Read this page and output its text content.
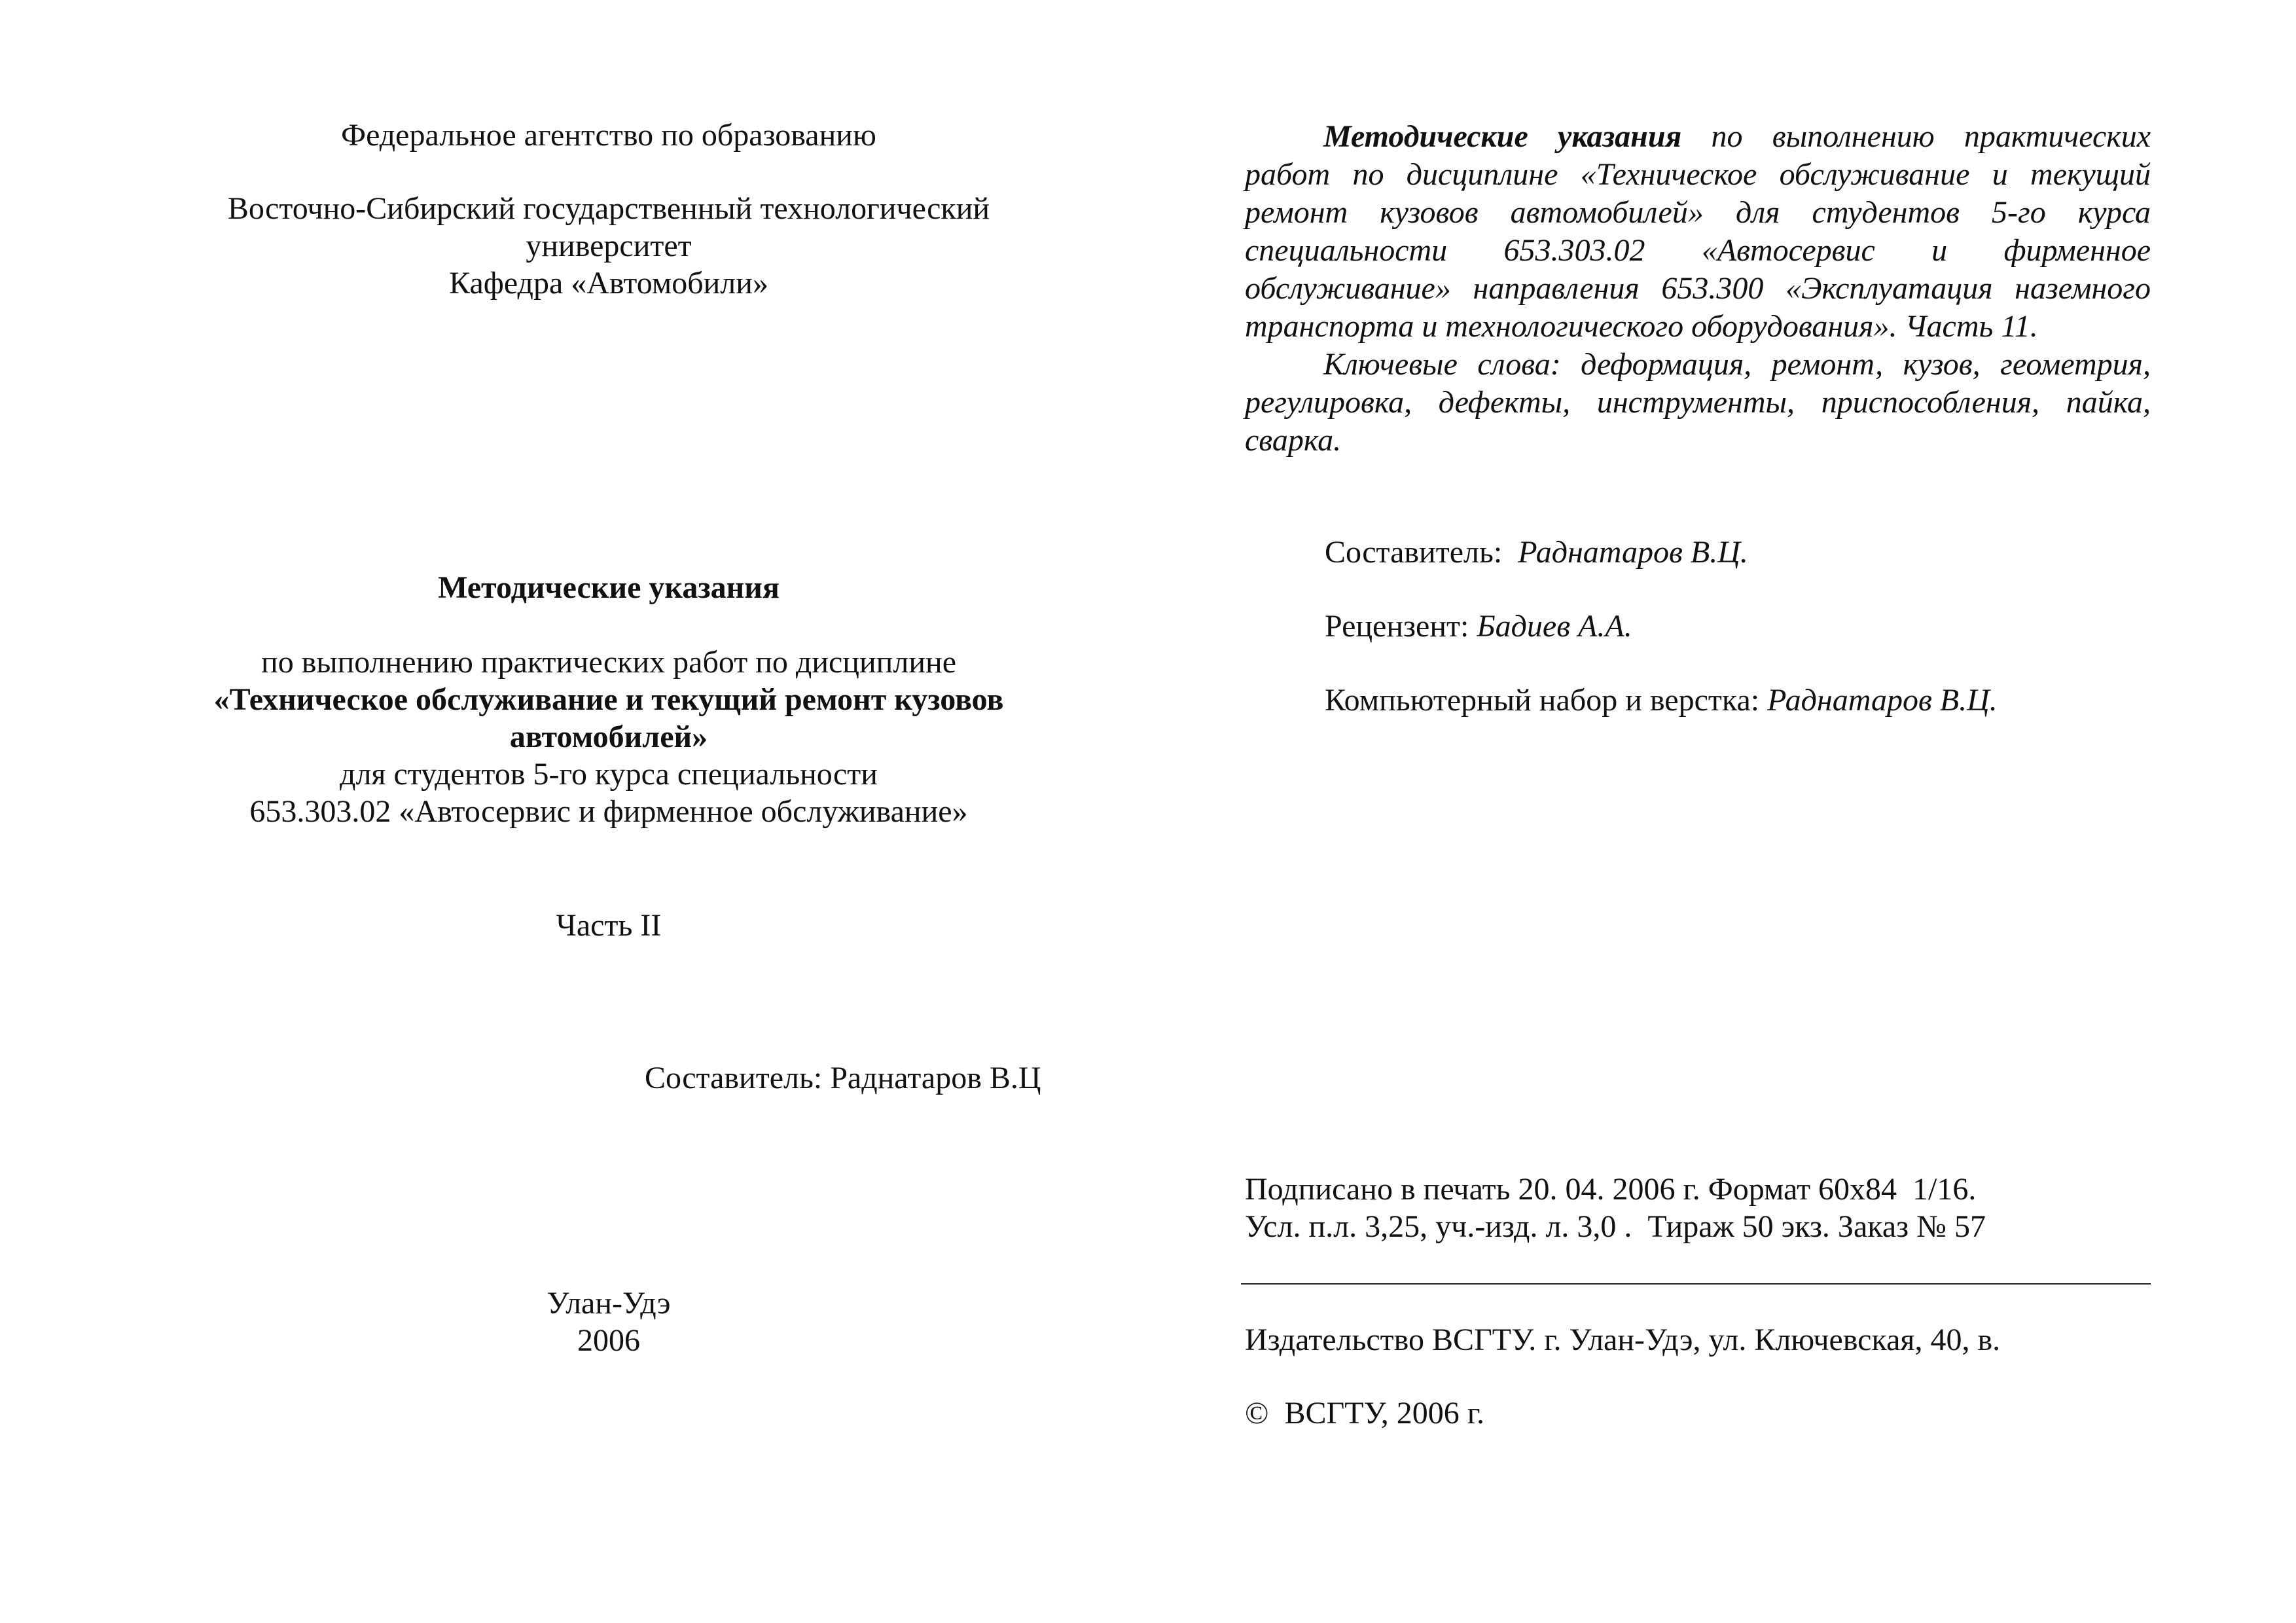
Федеральное агентство по образованию
Восточно-Сибирский государственный технологический
университет
Кафедра «Автомобили»
Методические указания
по выполнению практических работ по дисциплине
«Техническое обслуживание и текущий ремонт кузовов
автомобилей»
для студентов 5-го курса специальности
653.303.02 «Автосервис и фирменное обслуживание»
Часть II
Составитель: Раднатаров В.Ц
Улан-Удэ
2006

Методические указания по выполнению практических работ по дисциплине «Техническое обслуживание и текущий ремонт кузовов автомобилей» для студентов 5-го курса специальности 653.303.02 «Автосервис и фирменное обслуживание» направления 653.300 «Эксплуатация наземного транспорта и технологического оборудования». Часть 11.

Ключевые слова: деформация, ремонт, кузов, геометрия, регулировка, дефекты, инструменты, приспособления, пайка, сварка.

Составитель: Раднатаров В.Ц.
Рецензент: Бадиев А.А.
Компьютерный набор и верстка: Раднатаров В.Ц.
Подписано в печать 20. 04. 2006 г. Формат 60х84  1/16.
Усл. п.л. 3,25, уч.-изд. л. 3,0 .  Тираж 50 экз. Заказ № 57
Издательство ВСГТУ. г. Улан-Удэ, ул. Ключевская, 40, в.
©  ВСГТУ, 2006 г.
